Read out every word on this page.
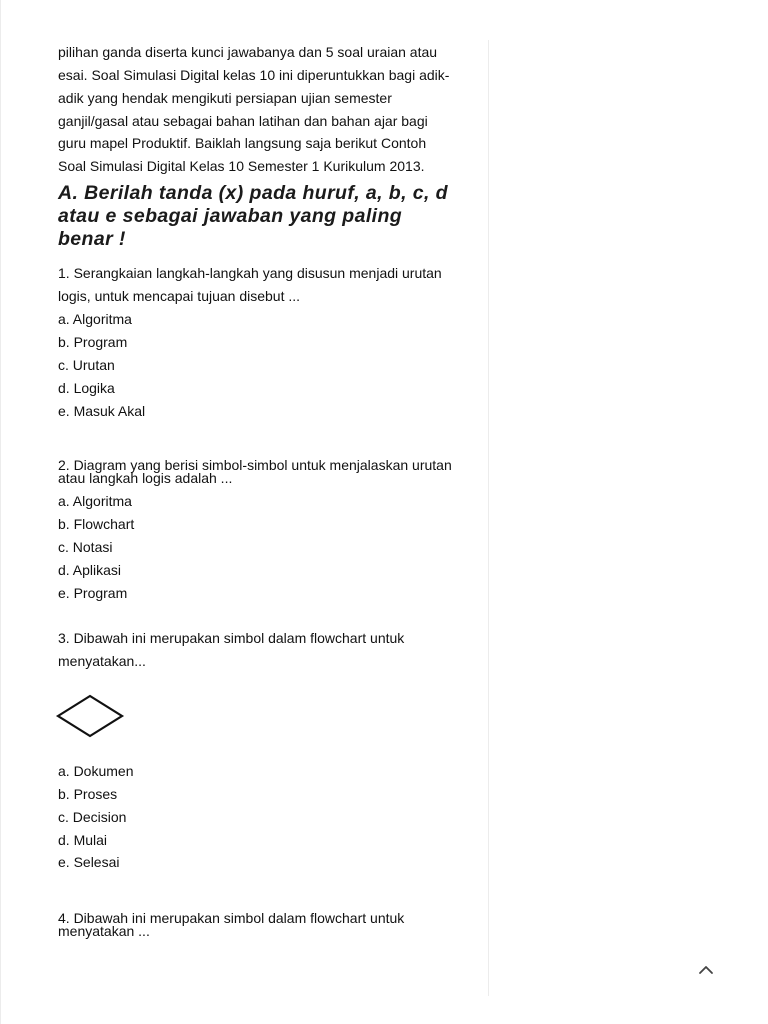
pilihan ganda diserta kunci jawabanya dan 5 soal uraian atau
esai. Soal Simulasi Digital kelas 10 ini diperuntukkan bagi adik-
adik yang hendak mengikuti persiapan ujian semester
ganjil/gasal atau sebagai bahan latihan dan bahan ajar bagi
guru mapel Produktif. Baiklah langsung saja berikut Contoh
Soal Simulasi Digital Kelas 10 Semester 1 Kurikulum 2013.
A. Berilah tanda (x) pada huruf, a, b, c, d
atau e sebagai jawaban yang paling
benar !
1. Serangkaian langkah-langkah yang disusun menjadi urutan
logis, untuk mencapai tujuan disebut ...
a. Algoritma
b. Program
c. Urutan
d. Logika
e. Masuk Akal
2. Diagram yang berisi simbol-simbol untuk menjalaskan urutan
atau langkah logis adalah ...
a. Algoritma
b. Flowchart
c. Notasi
d. Aplikasi
e. Program
3. Dibawah ini merupakan simbol dalam flowchart untuk
menyatakan...
a. Dokumen
b. Proses
c. Decision
d. Mulai
e. Selesai
4. Dibawah ini merupakan simbol dalam flowchart untuk
menyatakan ...
